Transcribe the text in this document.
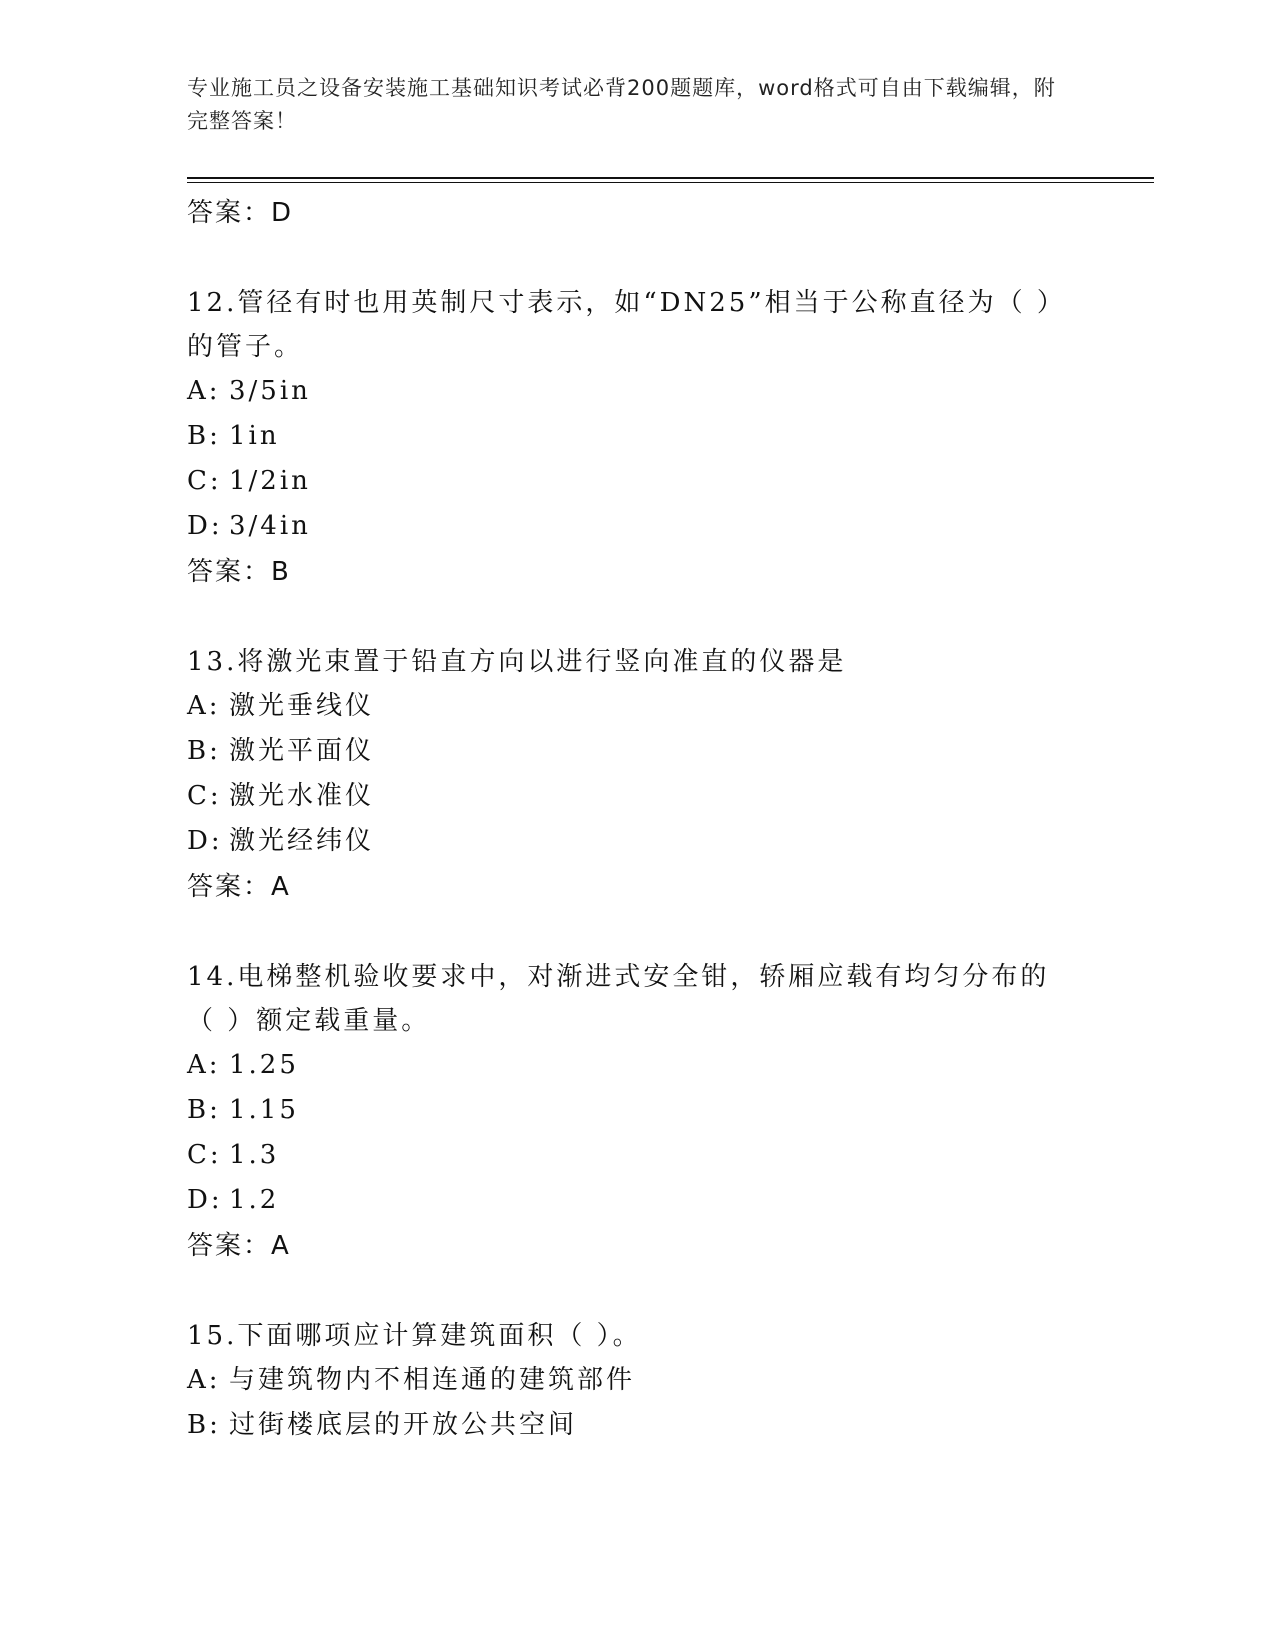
专业施工员之设备安装施工基础知识考试必背200题题库，word格式可自由下载编辑，附完整答案！
答案：D
12.管径有时也用英制尺寸表示，如“DN25”相当于公称直径为（ ）的管子。
A: 3/5in
B: 1in
C: 1/2in
D: 3/4in
答案：B
13.将激光束置于铅直方向以进行竖向准直的仪器是
A: 激光垂线仪
B: 激光平面仪
C: 激光水准仪
D: 激光经纬仪
答案：A
14.电梯整机验收要求中，对渐进式安全钳，轿厢应载有均匀分布的（ ）额定载重量。
A: 1.25
B: 1.15
C: 1.3
D: 1.2
答案：A
15.下面哪项应计算建筑面积（ ）。
A: 与建筑物内不相连通的建筑部件
B: 过街楼底层的开放公共空间
